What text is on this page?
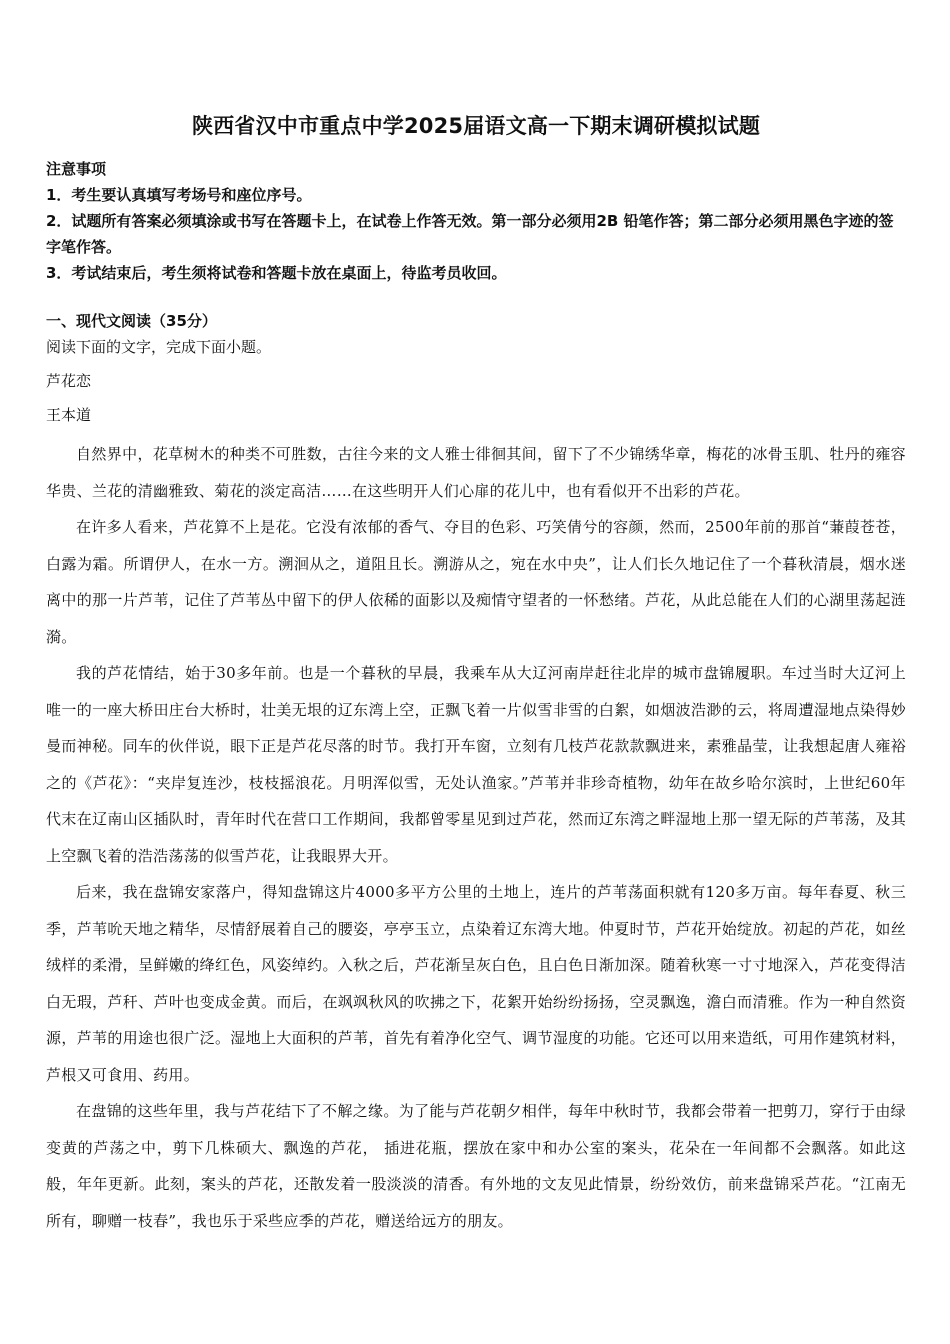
陕西省汉中市重点中学2025届语文高一下期末调研模拟试题
注意事项
1．考生要认真填写考场号和座位序号。
2．试题所有答案必须填涂或书写在答题卡上，在试卷上作答无效。第一部分必须用2B 铅笔作答；第二部分必须用黑色字迹的签字笔作答。
3．考试结束后，考生须将试卷和答题卡放在桌面上，待监考员收回。
一、现代文阅读（35分）
阅读下面的文字，完成下面小题。
芦花恋
王本道

自然界中，花草树木的种类不可胜数，古往今来的文人雅士徘徊其间，留下了不少锦绣华章，梅花的冰骨玉肌、牡丹的雍容华贵、兰花的清幽雅致、菊花的淡定高洁……在这些明开人们心扉的花儿中，也有看似开不出彩的芦花。

在许多人看来，芦花算不上是花。它没有浓郁的香气、夺目的色彩、巧笑倩兮的容颜，然而，2500年前的那首“蒹葭苍苍，白露为霜。所谓伊人，在水一方。溯洄从之，道阻且长。溯游从之，宛在水中央”，让人们长久地记住了一个暮秋清晨，烟水迷离中的那一片芦苇，记住了芦苇丛中留下的伊人依稀的面影以及痴情守望者的一怀愁绪。芦花，从此总能在人们的心湖里荡起涟漪。

我的芦花情结，始于30多年前。也是一个暮秋的早晨，我乘车从大辽河南岸赶往北岸的城市盘锦履职。车过当时大辽河上唯一的一座大桥田庄台大桥时，壮美无垠的辽东湾上空，正飘飞着一片似雪非雪的白絮，如烟波浩渺的云，将周遭湿地点染得妙曼而神秘。同车的伙伴说，眼下正是芦花尽落的时节。我打开车窗，立刻有几枝芦花款款飘进来，素雅晶莹，让我想起唐人雍裕之的《芦花》：“夹岸复连沙，枝枝摇浪花。月明浑似雪，无处认渔家。”芦苇并非珍奇植物，幼年在故乡哈尔滨时，上世纪60年代末在辽南山区插队时，青年时代在营口工作期间，我都曾零星见到过芦花，然而辽东湾之畔湿地上那一望无际的芦苇荡，及其上空飘飞着的浩浩荡荡的似雪芦花，让我眼界大开。

后来，我在盘锦安家落户，得知盘锦这片4000多平方公里的土地上，连片的芦苇荡面积就有120多万亩。每年春夏、秋三季，芦苇吮天地之精华，尽情舒展着自己的腰姿，亭亭玉立，点染着辽东湾大地。仲夏时节，芦花开始绽放。初起的芦花，如丝绒样的柔滑，呈鲜嫩的绛红色，风姿绰约。入秋之后，芦花渐呈灰白色，且白色日渐加深。随着秋寒一寸寸地深入，芦花变得洁白无瑕，芦秆、芦叶也变成金黄。而后，在飒飒秋风的吹拂之下，花絮开始纷纷扬扬，空灵飘逸，澹白而清雅。作为一种自然资源，芦苇的用途也很广泛。湿地上大面积的芦苇，首先有着净化空气、调节湿度的功能。它还可以用来造纸，可用作建筑材料，芦根又可食用、药用。

在盘锦的这些年里，我与芦花结下了不解之缘。为了能与芦花朝夕相伴，每年中秋时节，我都会带着一把剪刀，穿行于由绿变黄的芦荡之中，剪下几株硕大、飘逸的芦花， 插进花瓶，摆放在家中和办公室的案头，花朵在一年间都不会飘落。如此这般，年年更新。此刻，案头的芦花，还散发着一股淡淡的清香。有外地的文友见此情景，纷纷效仿，前来盘锦采芦花。“江南无所有，聊赠一枝春”，我也乐于采些应季的芦花，赠送给远方的朋友。
